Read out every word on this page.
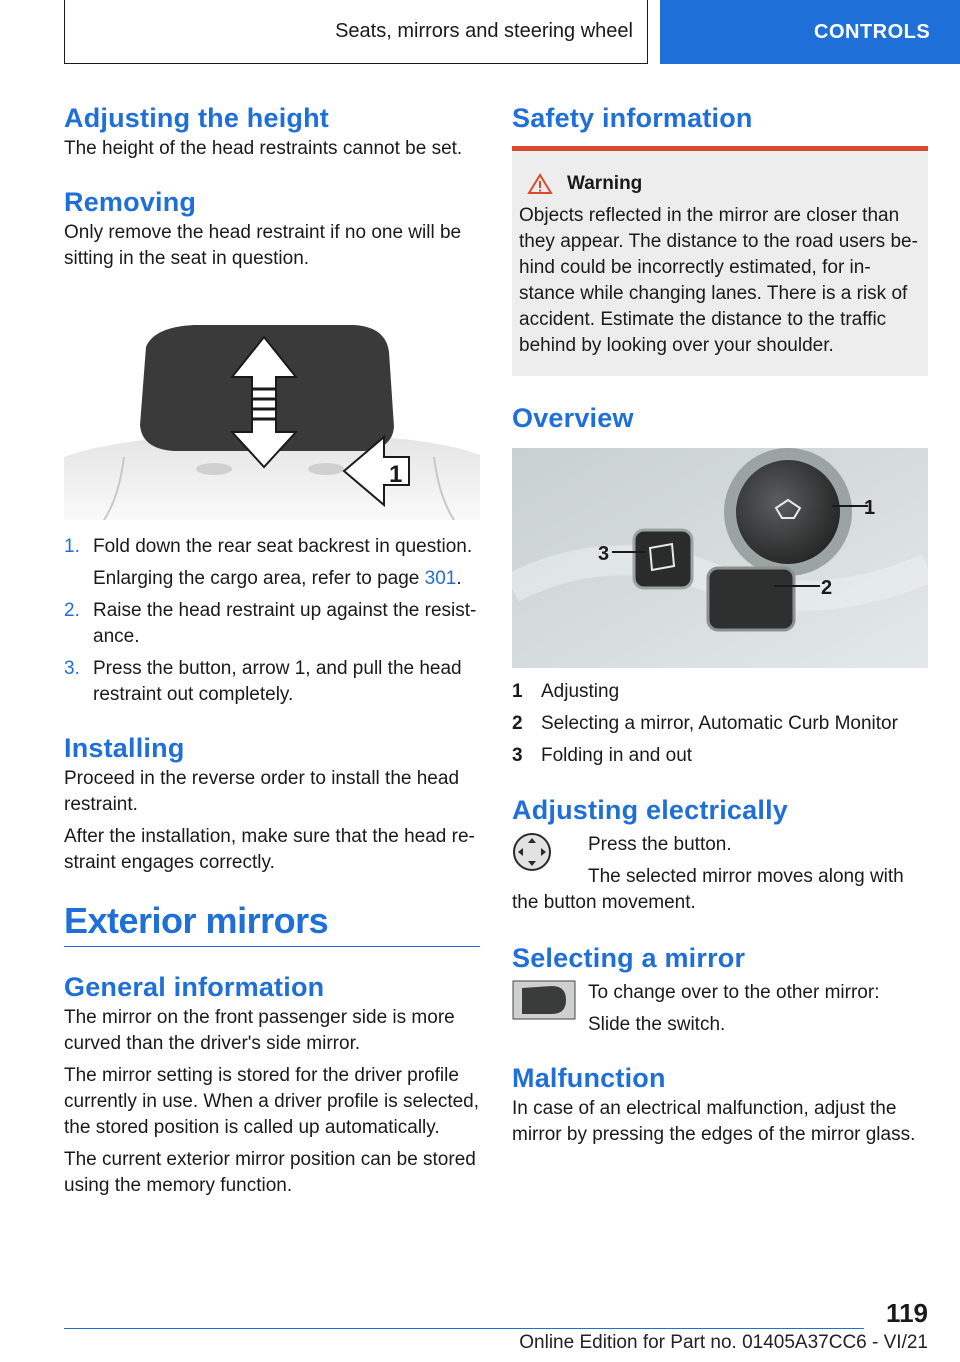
Seats, mirrors and steering wheel	CONTROLS
Adjusting the height

The height of the head restraints cannot be set.

Removing

Only remove the head restraint if no one will be sitting in the seat in question.

1
1. Fold down the rear seat backrest in question.
Enlarging the cargo area, refer to page 301.
2. Raise the head restraint up against the resist-ance.
3. Press the button, arrow 1, and pull the head restraint out completely.
Installing

Proceed in the reverse order to install the head restraint.

After the installation, make sure that the head re-straint engages correctly.

Exterior mirrors
General information

The mirror on the front passenger side is more curved than the driver's side mirror.

The mirror setting is stored for the driver profile currently in use. When a driver profile is selected, the stored position is called up automatically.

The current exterior mirror position can be stored using the memory function.

Safety information
Warning

Objects reflected in the mirror are closer than they appear. The distance to the road users be-hind could be incorrectly estimated, for in-stance while changing lanes. There is a risk of accident. Estimate the distance to the traffic behind by looking over your shoulder.

Overview
1
2
3
1 Adjusting
2 Selecting a mirror, Automatic Curb Monitor
3 Folding in and out
Adjusting electrically

Press the button.

The selected mirror moves along with the button movement.

Selecting a mirror

To change over to the other mirror:

Slide the switch.

Malfunction

In case of an electrical malfunction, adjust the mirror by pressing the edges of the mirror glass.

119
Online Edition for Part no. 01405A37CC6 - VI/21
